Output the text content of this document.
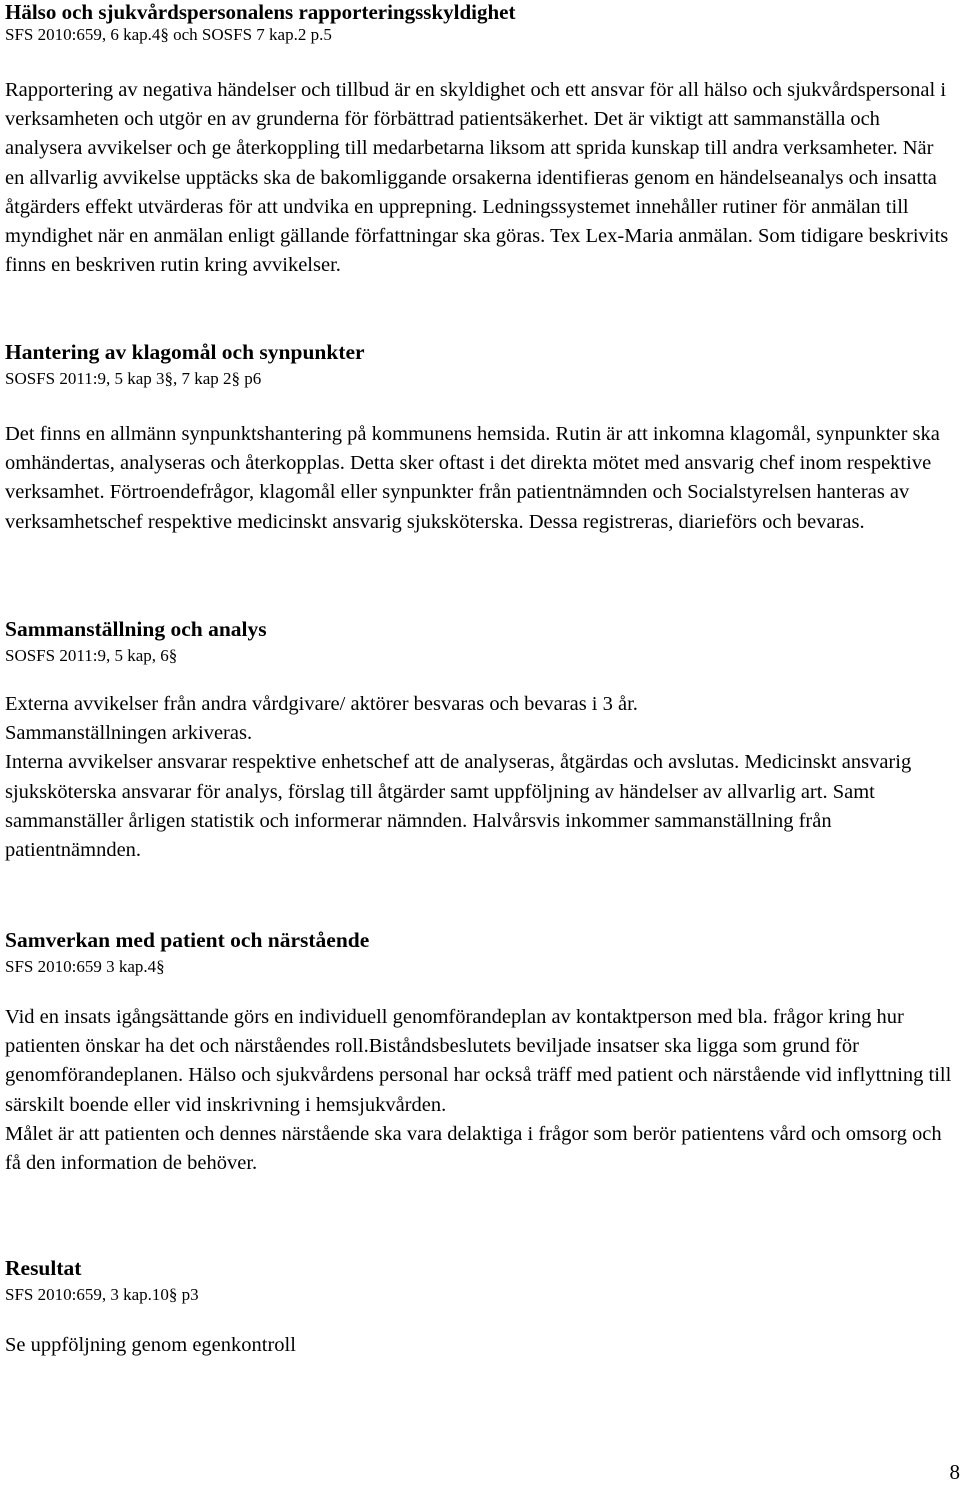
Hälso och sjukvårdspersonalens rapporteringsskyldighet
SFS 2010:659, 6 kap.4§ och SOSFS 7 kap.2 p.5

Rapportering av negativa händelser och tillbud är en skyldighet och ett ansvar för all hälso och sjukvårdspersonal i verksamheten och utgör en av grunderna för förbättrad patientsäkerhet. Det är viktigt att sammanställa och analysera avvikelser och ge återkoppling till medarbetarna liksom att sprida kunskap till andra verksamheter. När en allvarlig avvikelse upptäcks ska de bakomliggande orsakerna identifieras genom en händelseanalys och insatta åtgärders effekt utvärderas för att undvika en upprepning. Ledningssystemet innehåller rutiner för anmälan till myndighet när en anmälan enligt gällande författningar ska göras. Tex Lex-Maria anmälan. Som tidigare beskrivits finns en beskriven rutin kring avvikelser.

Hantering av klagomål och synpunkter
SOSFS 2011:9, 5 kap 3§, 7 kap 2§ p6

Det finns en allmänn synpunktshantering på kommunens hemsida. Rutin är att inkomna klagomål, synpunkter ska omhändertas, analyseras och återkopplas. Detta sker oftast i det direkta mötet med ansvarig chef inom respektive verksamhet. Förtroendefrågor, klagomål eller synpunkter från patientnämnden och Socialstyrelsen hanteras av verksamhetschef respektive medicinskt ansvarig sjuksköterska. Dessa registreras, diarieförs och bevaras.

Sammanställning och analys
SOSFS 2011:9, 5 kap, 6§

Externa avvikelser från andra vårdgivare/ aktörer besvaras och bevaras i 3 år.

Sammanställningen arkiveras.

Interna avvikelser ansvarar respektive enhetschef att de analyseras, åtgärdas och avslutas. Medicinskt ansvarig sjuksköterska ansvarar för analys, förslag till åtgärder samt uppföljning av händelser av allvarlig art. Samt sammanställer årligen statistik och informerar nämnden. Halvårsvis inkommer sammanställning från patientnämnden.

Samverkan med patient och närstående
SFS 2010:659 3 kap.4§

Vid en insats igångsättande görs en individuell genomförandeplan av kontaktperson med bla. frågor kring hur patienten önskar ha det och närståendes roll.Biståndsbeslutets beviljade insatser ska ligga som grund för genomförandeplanen. Hälso och sjukvårdens personal har också träff med patient och närstående vid inflyttning till särskilt boende eller vid inskrivning i hemsjukvården.

Målet är att patienten och dennes närstående ska vara delaktiga i frågor som berör patientens vård och omsorg och få den information de behöver.

Resultat
SFS 2010:659, 3 kap.10§ p3

Se uppföljning genom egenkontroll

8
